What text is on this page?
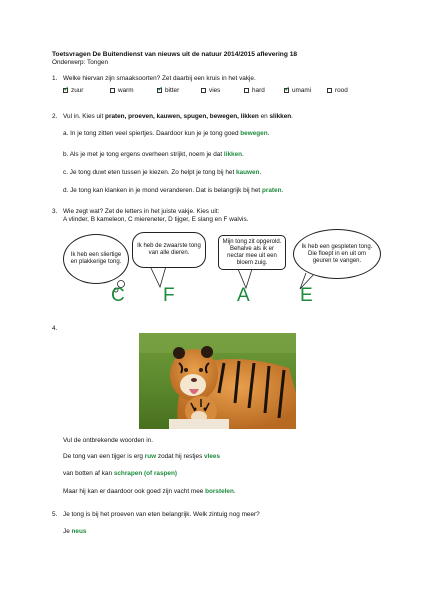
Toetsvragen De Buitendienst van nieuws uit de natuur 2014/2015 aflevering 18
Onderwerp: Tongen
1. Welke hiervan zijn smaaksoorten? Zet daarbij een kruis in het vakje.
✓zuur	warm ✓	bitter	vies	hard ✓	umami	rood
2. Vul in. Kies uit praten, proeven, kauwen, spugen, bewegen, likken en slikken.
a. In je tong zitten veel spiertjes. Daardoor kun je je tong goed bewegen.
b. Als je met je tong ergens overheen strijkt, noem je dat likken.
c. Je tong duwt eten tussen je kiezen. Zo helpt je tong bij het kauwen.
d. Je tong kan klanken in je mond veranderen. Dat is belangrijk bij het praten.
3. Wie zegt wat? Zet de letters in het juiste vakje. Kies uit:
A vlinder, B kameleon, C miereneter, D tijger, E slang en F walvis.
Ik heb een sliertige en plakkerige tong.
Ik heb de zwaarste tong van alle dieren.
Mijn tong zit opgerold. Behalve als ik er nectar mee uit een bloem zuig.
Ik heb een gespleten tong. Die floept in en uit om geuren te vangen.
C F	A	E
4.
Vul de ontbrekende woorden in.
De tong van een tijger is erg ruw zodat hij restjes vlees
van botten af kan schrapen (of raspen)
Maar hij kan er daardoor ook goed zijn vacht mee borstelen.
5. Je tong is bij het proeven van eten belangrijk. Welk zintuig nog meer?
Je neus
